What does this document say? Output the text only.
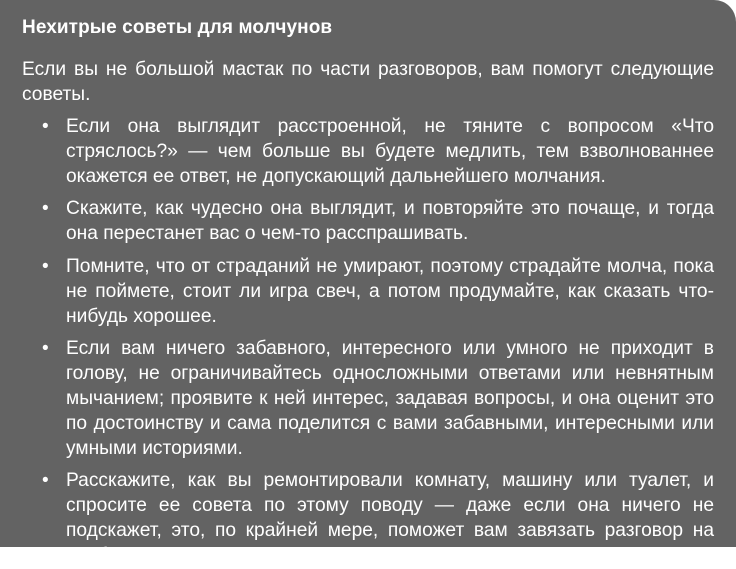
Нехитрые советы для молчунов
Если вы не большой мастак по части разговоров, вам помогут следующие советы.
• Если она выглядит расстроенной, не тяните с вопросом «Что стряслось?» — чем больше вы будете медлить, тем взволнованнее окажется ее ответ, не допускающий дальнейшего молчания.
• Скажите, как чудесно она выглядит, и повторяйте это почаще, и тогда она перестанет вас о чем-то расспрашивать.
• Помните, что от страданий не умирают, поэтому страдайте молча, пока не поймете, стоит ли игра свеч, а потом продумайте, как сказать что-нибудь хорошее.
• Если вам ничего забавного, интересного или умного не приходит в голову, не ограничивайтесь односложными ответами или невнятным мычанием; проявите к ней интерес, задавая вопросы, и она оценит это по достоинству и сама поделится с вами забавными, интересными или умными историями.
• Расскажите, как вы ремонтировали комнату, машину или туалет, и спросите ее совета по этому поводу — даже если она ничего не подскажет, это, по крайней мере, поможет вам завязать разговор на удобную для вас тему (кроме туалета).
